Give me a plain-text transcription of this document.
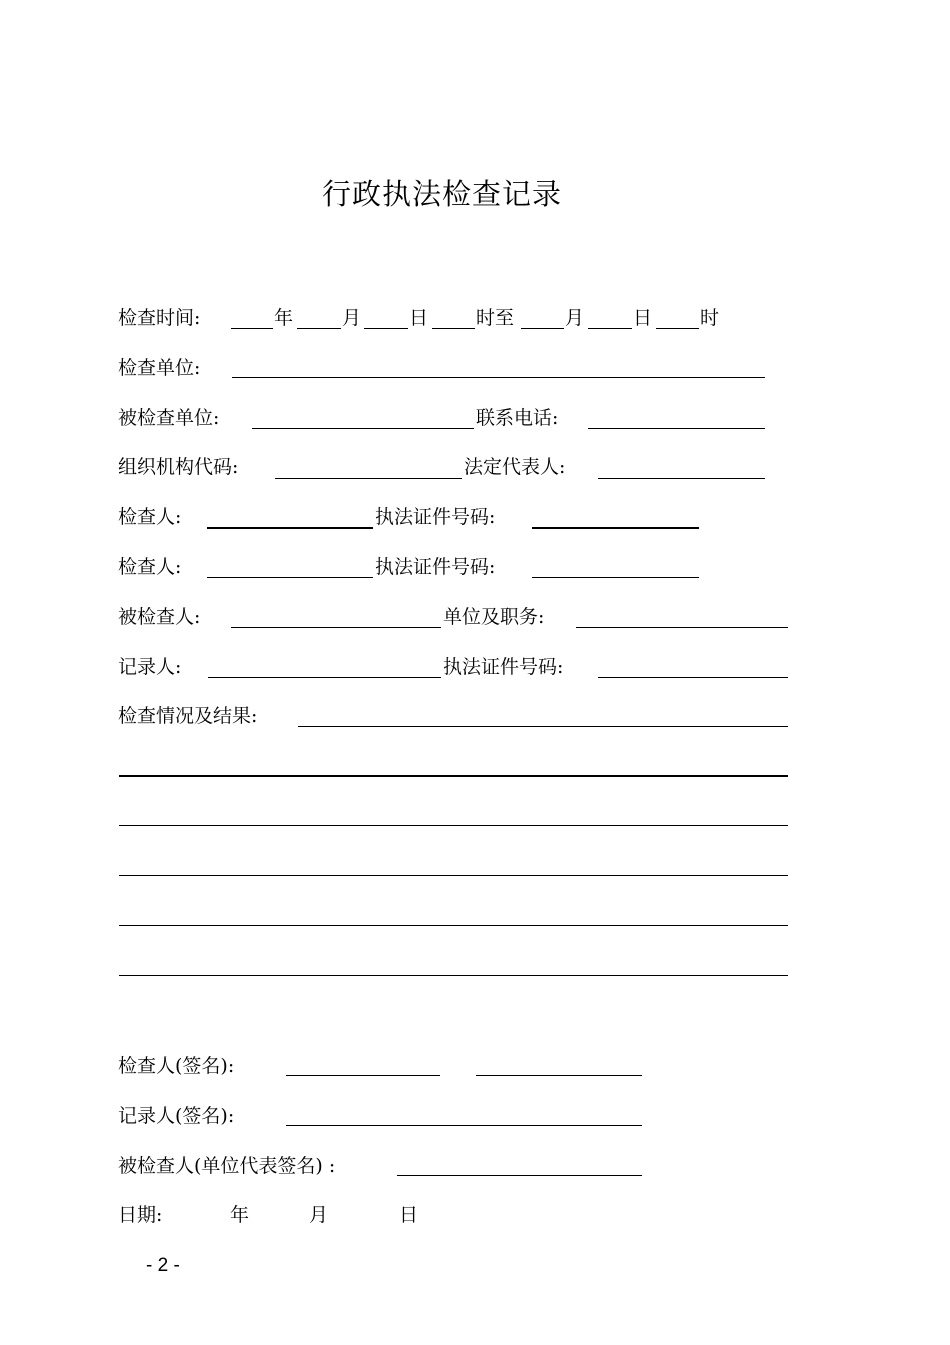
行政执法检查记录
检查时间:	年	月	日	时至	月	日	时
检查单位:
被检查单位:	联系电话:
组织机构代码:	法定代表人:
检查人:	执法证件号码:
检查人:	执法证件号码:
被检查人:	单位及职务:
记录人:	执法证件号码:
检查情况及结果:
检查人(签名):
记录人(签名):
被检查人(单位代表签名) :
日期:	年	月	日
- 2 -
